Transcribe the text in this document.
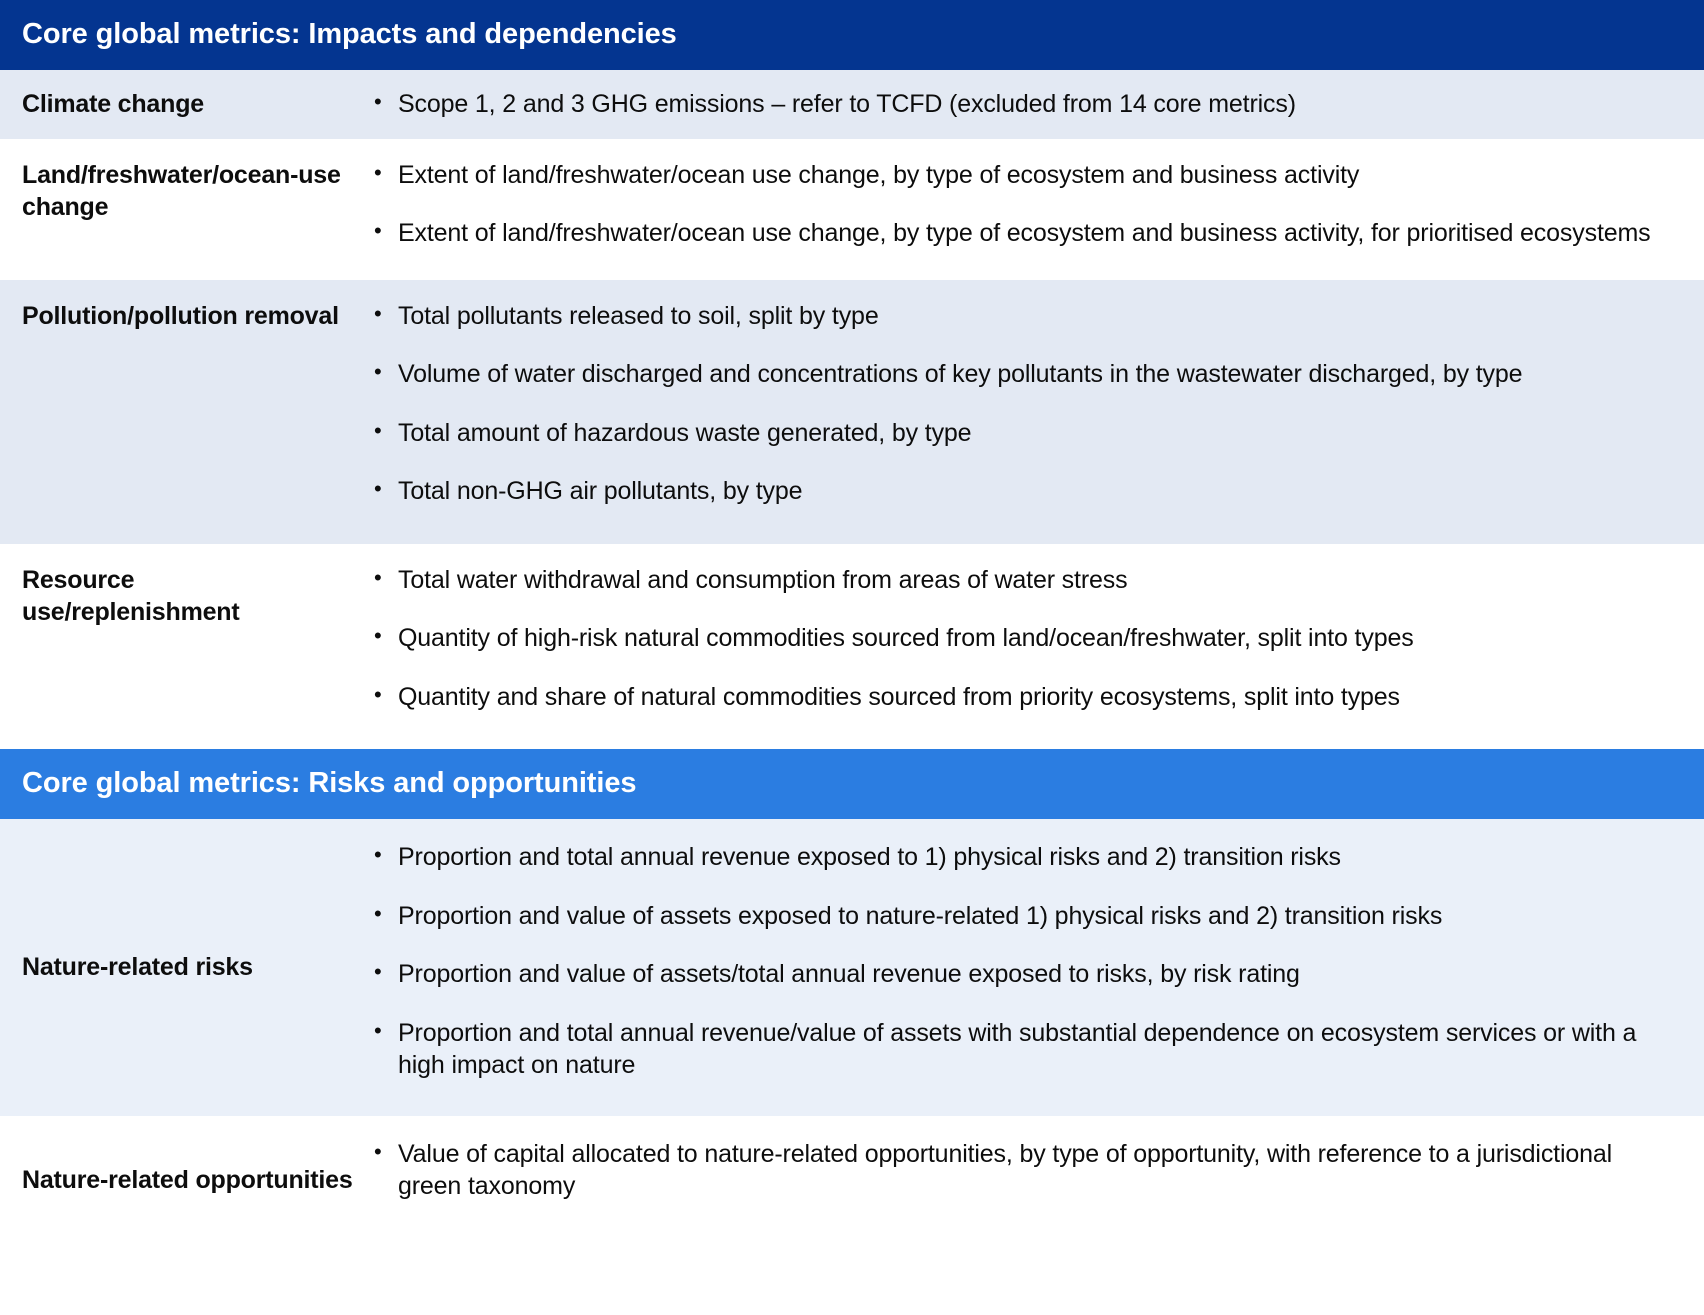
Core global metrics: Impacts and dependencies
Climate change	• Scope 1, 2 and 3 GHG emissions – refer to TCFD (excluded from 14 core metrics)
Land/freshwater/ocean-use change
• Extent of land/freshwater/ocean use change, by type of ecosystem and business activity
• Extent of land/freshwater/ocean use change, by type of ecosystem and business activity, for prioritised ecosystems
Pollution/pollution removal	• Total pollutants released to soil, split by type
• Volume of water discharged and concentrations of key pollutants in the wastewater discharged, by type
• Total amount of hazardous waste generated, by type
• Total non-GHG air pollutants, by type
Resource use/replenishment
• Total water withdrawal and consumption from areas of water stress
• Quantity of high-risk natural commodities sourced from land/ocean/freshwater, split into types
• Quantity and share of natural commodities sourced from priority ecosystems, split into types
Core global metrics: Risks and opportunities
Nature-related risks
• Proportion and total annual revenue exposed to 1) physical risks and 2) transition risks
• Proportion and value of assets exposed to nature-related 1) physical risks and 2) transition risks
• Proportion and value of assets/total annual revenue exposed to risks, by risk rating
• Proportion and total annual revenue/value of assets with substantial dependence on ecosystem services or with a high impact on nature
Nature-related opportunities
• Value of capital allocated to nature-related opportunities, by type of opportunity, with reference to a jurisdictional green taxonomy
